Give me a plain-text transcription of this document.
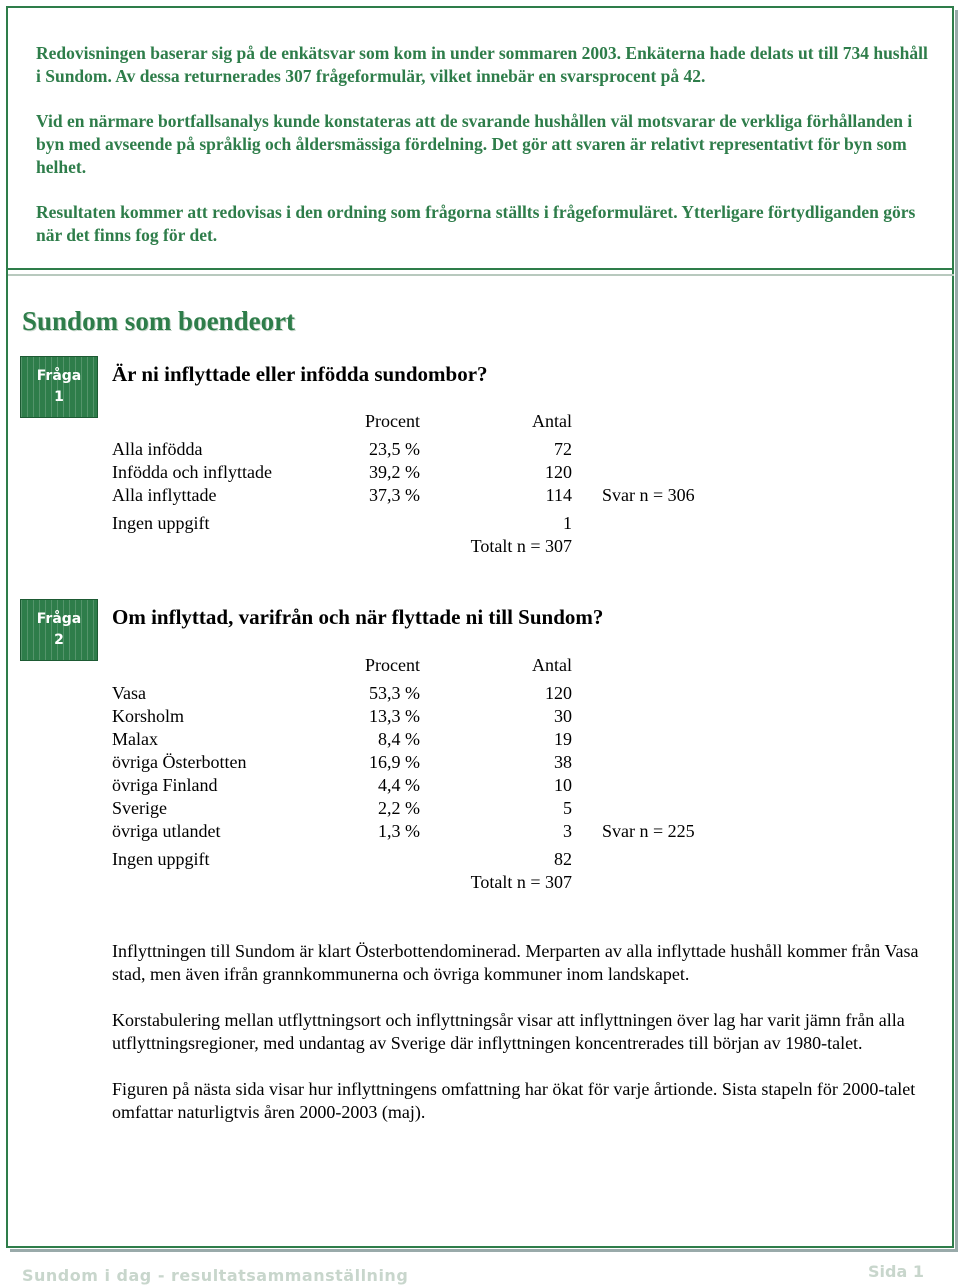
Redovisningen baserar sig på de enkätsvar som kom in under sommaren 2003. Enkäterna hade delats ut till 734 hushåll i Sundom. Av dessa returnerades 307 frågeformulär, vilket innebär en svarsprocent på 42.

Vid en närmare bortfallsanalys kunde konstateras att de svarande hushållen väl motsvarar de verkliga förhållanden i byn med avseende på språklig och åldersmässiga fördelning. Det gör att svaren är relativt representativt för byn som helhet.

Resultaten kommer att redovisas i den ordning som frågorna ställts i frågeformuläret. Ytterligare förtydliganden görs när det finns fog för det.

Sundom som boendeort
Fråga
1
Är ni inflyttade eller infödda sundombor?
Procent	Antal
Alla infödda	23,5 %	72
Infödda och inflyttade	39,2 %	120
Alla inflyttade	37,3 %	114 Svar n = 306
Ingen uppgift	1
Totalt n = 307
Fråga
2
Om inflyttad, varifrån och när flyttade ni till Sundom?
Procent	Antal
Vasa	53,3 %	120
Korsholm	13,3 %	30
Malax	8,4 %	19
övriga Österbotten	16,9 %	38
övriga Finland	4,4 %	10
Sverige	2,2 %	5
övriga utlandet	1,3 %	3 Svar n = 225
Ingen uppgift	82
Totalt n = 307

Inflyttningen till Sundom är klart Österbottendominerad. Merparten av alla inflyttade hushåll kommer från Vasa stad, men även ifrån grannkommunerna och övriga kommuner inom landskapet.

Korstabulering mellan utflyttningsort och inflyttningsår visar att inflyttningen över lag har varit jämn från alla utflyttningsregioner, med undantag av Sverige där inflyttningen koncentrerades till början av 1980-talet.

Figuren på nästa sida visar hur inflyttningens omfattning har ökat för varje årtionde. Sista stapeln för 2000-talet omfattar naturligtvis åren 2000-2003 (maj).

Sundom i dag - resultatsammanställning	Sida 1
